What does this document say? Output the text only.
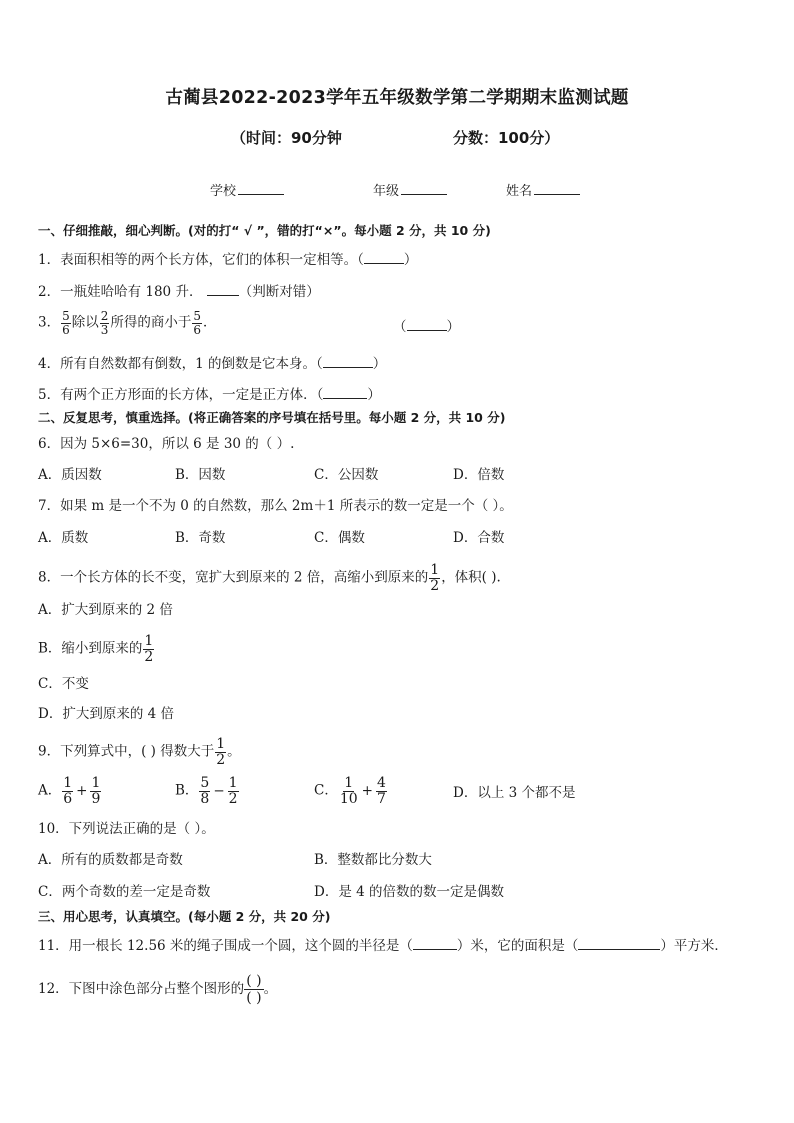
古蔺县2022-2023学年五年级数学第二学期期末监测试题
（时间：90分钟	分数：100分）
学校	年级	姓名
一、仔细推敲，细心判断。(对的打“ √ ”，错的打“×”。每小题 2 分，共 10 分)
1．表面积相等的两个长方体，它们的体积一定相等。（	）
2．一瓶娃哈哈有 180 升．	（判断对错）
3． $\frac{5}{6}$ 除以 $\frac{2}{3}$ 所得的商小于 $\frac{5}{6}$ ．	（	）
4．所有自然数都有倒数，1 的倒数是它本身。（	）
5．有两个正方形面的长方体，一定是正方体．（	）
二、反复思考，慎重选择。(将正确答案的序号填在括号里。每小题 2 分，共 10 分)
6．因为 5×6=30，所以 6 是 30 的（ ）.
A．质因数	B．因数	C．公因数	D．倍数
7．如果 m 是一个不为 0 的自然数，那么 2m＋1 所表示的数一定是一个（ ）。
A．质数	B．奇数	C．偶数	D．合数
8．一个长方体的长不变，宽扩大到原来的 2 倍，高缩小到原来的 $\frac{1}{2}$ ，体积( ).
A．扩大到原来的 2 倍
B．缩小到原来的 $\frac{1}{2}$
C．不变
D．扩大到原来的 4 倍
9．下列算式中，( ) 得数大于 $\frac{1}{2}$ 。
A． $\frac{1}{6} + \frac{1}{9}$	B． $\frac{5}{8} - \frac{1}{2}$	C． $\frac{1}{10} + \frac{4}{7}$	D．以上 3 个都不是
10．下列说法正确的是（ ）。
A．所有的质数都是奇数	B．整数都比分数大
C．两个奇数的差一定是奇数	D．是 4 的倍数的数一定是偶数
三、用心思考，认真填空。(每小题 2 分，共 20 分)
11．用一根长 12.56 米的绳子围成一个圆，这个圆的半径是（	）米，它的面积是（	）平方米．
12．下图中涂色部分占整个图形的 $\frac{( )}{( )}$ 。
